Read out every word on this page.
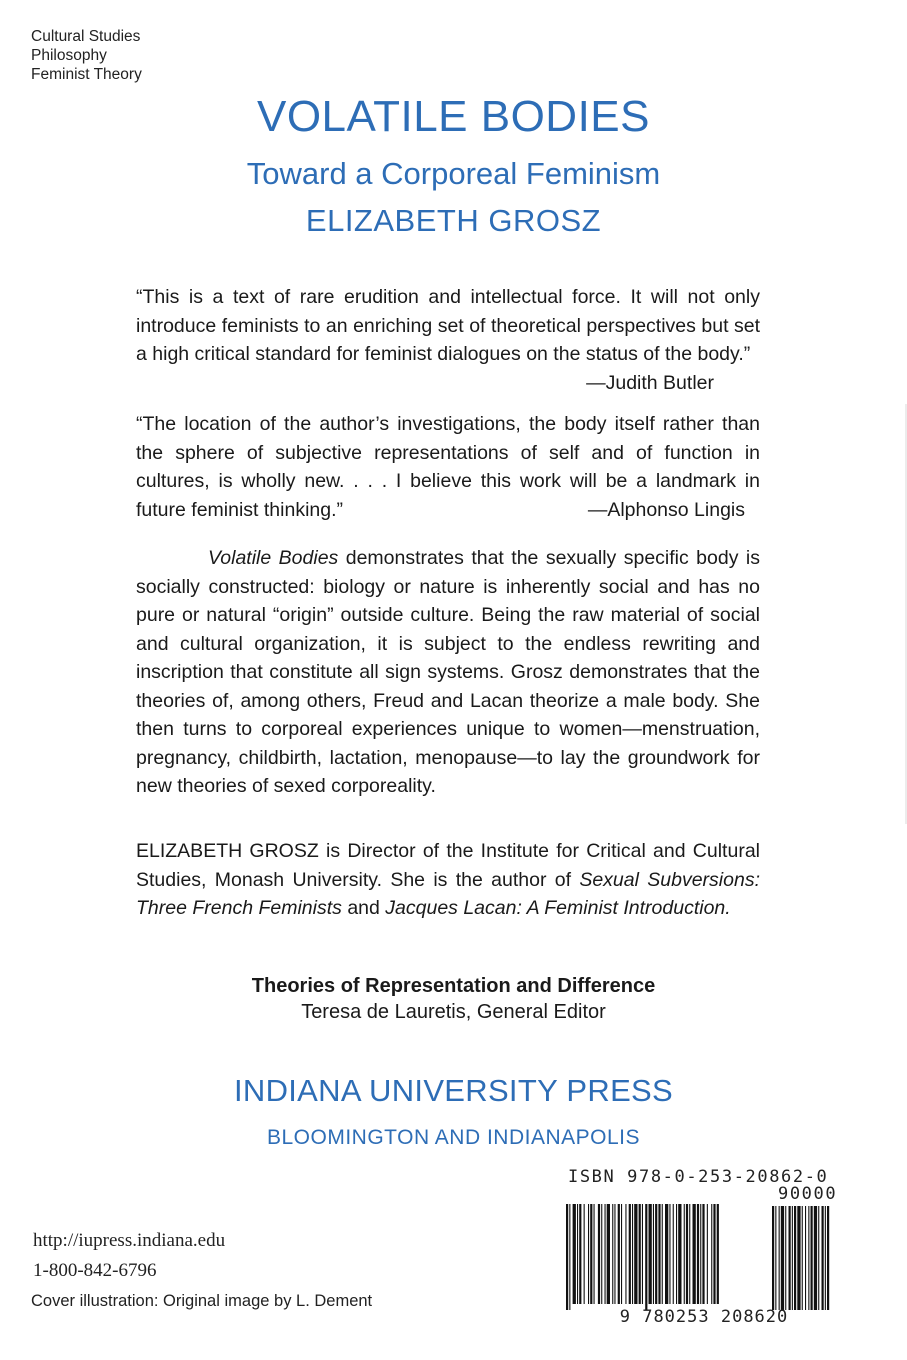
Cultural Studies
Philosophy
Feminist Theory
VOLATILE BODIES
Toward a Corporeal Feminism
ELIZABETH GROSZ
“This is a text of rare erudition and intellectual force. It will not only introduce feminists to an enriching set of theoretical perspectives but set a high critical standard for feminist dialogues on the status of the body.”
—Judith Butler
“The location of the author’s investigations, the body itself rather than the sphere of subjective representations of self and of function in cultures, is wholly new. . . . I believe this work will be a landmark in future feminist thinking.”	—Alphonso Lingis
Volatile Bodies demonstrates that the sexually specific body is socially constructed: biology or nature is inherently social and has no pure or natural “origin” outside culture. Being the raw material of social and cultural organization, it is subject to the endless rewriting and inscription that constitute all sign systems. Grosz demonstrates that the theories of, among others, Freud and Lacan theorize a male body. She then turns to corporeal experiences unique to women—menstruation, pregnancy, childbirth, lactation, menopause—to lay the groundwork for new theories of sexed corporeality.
ELIZABETH GROSZ is Director of the Institute for Critical and Cultural Studies, Monash University. She is the author of Sexual Subversions: Three French Feminists and Jacques Lacan: A Feminist Introduction.
Theories of Representation and Difference
Teresa de Lauretis, General Editor
INDIANA UNIVERSITY PRESS
BLOOMINGTON AND INDIANAPOLIS
http://iupress.indiana.edu
1-800-842-6796
Cover illustration: Original image by L. Dement
ISBN 978-0-253-20862-0
90000
9 780253 208620
